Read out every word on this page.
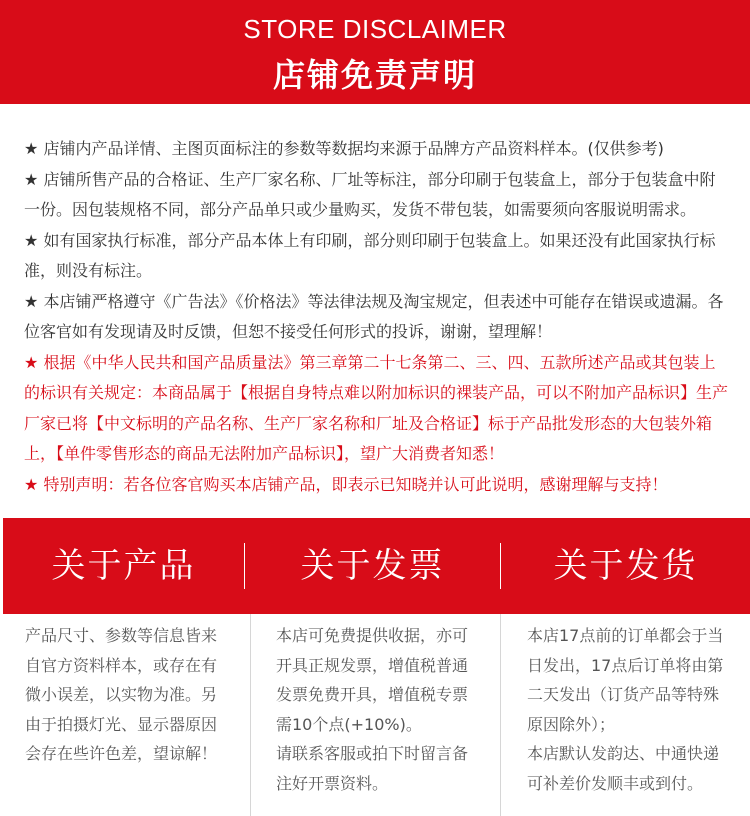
STORE DISCLAIMER
店铺免责声明

★ 店铺内产品详情、主图页面标注的参数等数据均来源于品牌方产品资料样本。(仅供参考)

★ 店铺所售产品的合格证、生产厂家名称、厂址等标注，部分印刷于包装盒上，部分于包装盒中附一份。因包装规格不同，部分产品单只或少量购买，发货不带包装，如需要须向客服说明需求。

★ 如有国家执行标准，部分产品本体上有印刷，部分则印刷于包装盒上。如果还没有此国家执行标准，则没有标注。

★ 本店铺严格遵守《广告法》《价格法》等法律法规及淘宝规定，但表述中可能存在错误或遗漏。各位客官如有发现请及时反馈，但恕不接受任何形式的投诉，谢谢，望理解！

★ 根据《中华人民共和国产品质量法》第三章第二十七条第二、三、四、五款所述产品或其包装上的标识有关规定：本商品属于【根据自身特点难以附加标识的裸装产品，可以不附加产品标识】生产厂家已将【中文标明的产品名称、生产厂家名称和厂址及合格证】标于产品批发形态的大包装外箱上，【单件零售形态的商品无法附加产品标识】，望广大消费者知悉！

★ 特别声明：若各位客官购买本店铺产品，即表示已知晓并认可此说明，感谢理解与支持！

关于产品	关于发票	关于发货

产品尺寸、参数等信息皆来自官方资料样本，或存在有微小误差，以实物为准。另由于拍摄灯光、显示器原因会存在些许色差，望谅解！

本店可免费提供收据，亦可开具正规发票，增值税普通发票免费开具，增值税专票需10个点(+10%)。

请联系客服或拍下时留言备注好开票资料。

本店17点前的订单都会于当日发出，17点后订单将由第二天发出（订货产品等特殊原因除外）；

本店默认发韵达、中通快递可补差价发顺丰或到付。
